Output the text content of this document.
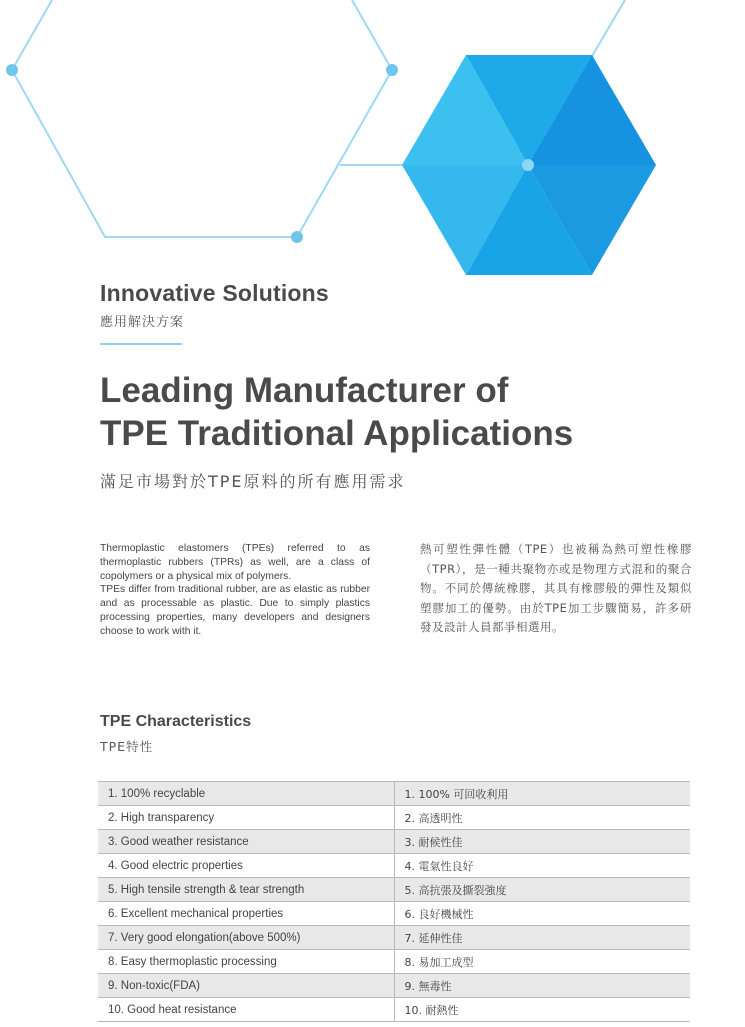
Innovative Solutions
應用解決方案
Leading Manufacturer of
TPE Traditional Applications
滿足市場對於TPE原料的所有應用需求

Thermoplastic elastomers (TPEs) referred to as thermoplastic rubbers (TPRs) as well, are a class of copolymers or a physical mix of polymers.

TPEs differ from traditional rubber, are as elastic as rubber and as processable as plastic. Due to simply plastics processing properties, many developers and designers choose to work with it.

熱可塑性彈性體（TPE）也被稱為熱可塑性橡膠（TPR），是一種共聚物亦或是物理方式混和的聚合物。不同於傳統橡膠，其具有橡膠般的彈性及類似塑膠加工的優勢。由於TPE加工步驟簡易，許多研發及設計人員都爭相選用。
TPE Characteristics
TPE特性
1. 100% recyclable	1. 100% 可回收利用
2. High transparency	2. 高透明性
3. Good weather resistance	3. 耐候性佳
4. Good electric properties	4. 電氣性良好
5. High tensile strength & tear strength	5. 高抗張及撕裂強度
6. Excellent mechanical properties	6. 良好機械性
7. Very good elongation(above 500%)	7. 延伸性佳
8. Easy thermoplastic processing	8. 易加工成型
9. Non-toxic(FDA)	9. 無毒性
10. Good heat resistance	10. 耐熱性
